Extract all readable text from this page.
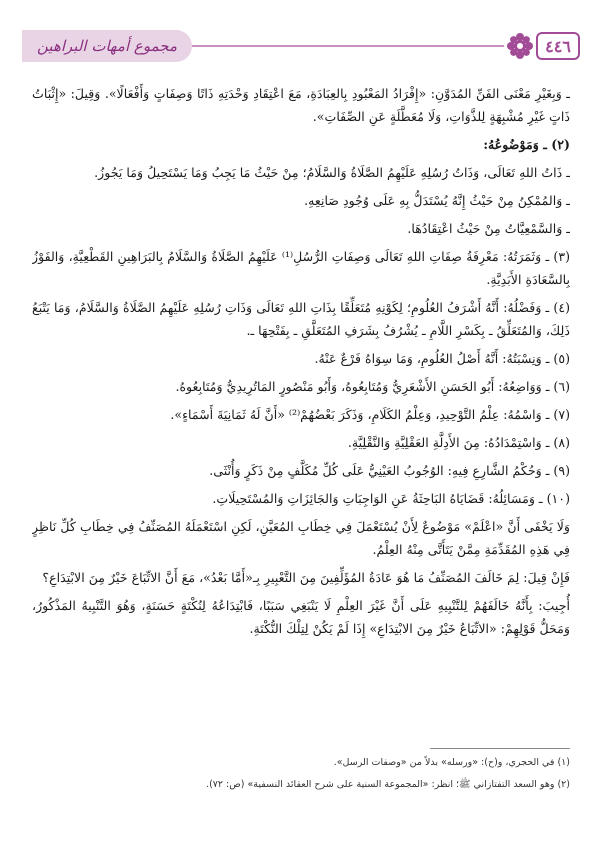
مجموع أمهات البراهين	٤٤٦

ـ وَبِغَيْرِ مَعْنَى الفَنِّ المُدَوَّنِ: «إِفْرَادُ المَعْبُودِ بِالعِبَادَةِ، مَعَ اعْتِقَادِ وَحْدَتِهِ ذَاتًا وَصِفَاتٍ وَأَفْعَالًا». وَقِيلَ: «إِثْبَاتُ ذَاتٍ غَيْرِ مُشْبِهَةٍ لِلذَّوَاتِ، وَلَا مُعَطَّلَةٍ عَنِ الصِّفَاتِ».

(٢) ـ وَمَوْضُوعُهُ:

ـ ذَاتُ اللهِ تَعَالَى، وَذَاتُ رُسُلِهِ عَلَيْهِمُ الصَّلَاةُ وَالسَّلَامُ؛ مِنْ حَيْثُ مَا يَجِبُ وَمَا يَسْتَحِيلُ وَمَا يَجُوزُ.

ـ وَالمُمْكِنُ مِنْ حَيْثُ إِنَّهُ يُسْتَدَلُّ بِهِ عَلَى وُجُودِ صَانِعِهِ.

ـ وَالسَّمْعِيَّاتُ مِنْ حَيْثُ اعْتِقَادُهَا.

(٣) ـ وَثَمَرَتُهُ: مَعْرِفَةُ صِفَاتِ اللهِ تَعَالَى وَصِفَاتِ الرُّسُلِ⁽¹⁾ عَلَيْهِمُ الصَّلَاةُ وَالسَّلَامُ بِالبَرَاهِينِ القَطْعِيَّةِ، وَالفَوْزُ بِالسَّعَادَةِ الأَبَدِيَّةِ.

(٤) ـ وَفَضْلُهُ: أَنَّهُ أَشْرَفُ العُلُومِ؛ لِكَوْنِهِ مُتَعَلِّقًا بِذَاتِ اللهِ تَعَالَى وَذَاتِ رُسُلِهِ عَلَيْهِمُ الصَّلَاةُ وَالسَّلَامُ، وَمَا يَتْبَعُ ذَلِكَ، وَالمُتَعَلِّقُ ـ بِكَسْرِ اللَّامِ ـ يُشْرُفُ بِشَرَفِ المُتَعَلَّقِ ـ بِفَتْحِهَا ـ.

(٥) ـ وَنِسْبَتُهُ: أَنَّهُ أَصْلُ العُلُومِ، وَمَا سِوَاهُ فَرْعٌ عَنْهُ.

(٦) ـ وَوَاضِعُهُ: أَبُو الحَسَنِ الأَشْعَرِيُّ وَمُتَابِعُوهُ، وَأَبُو مَنْصُورٍ المَاتُرِيدِيُّ وَمُتَابِعُوهُ.

(٧) ـ وَاسْمُهُ: عِلْمُ التَّوْحِيدِ، وَعِلْمُ الكَلَامِ، وَذَكَرَ بَعْضُهُمْ⁽²⁾ «أَنَّ لَهُ ثَمَانِيَةَ أَسْمَاءٍ».

(٨) ـ وَاسْتِمْدَادُهُ: مِنَ الأَدِلَّةِ العَقْلِيَّةِ وَالنَّقْلِيَّةِ.

(٩) ـ وَحُكْمُ الشَّارِعِ فِيهِ: الوُجُوبُ العَيْنِيُّ عَلَى كُلِّ مُكَلَّفٍ مِنْ ذَكَرٍ وَأُنْثَى.

(١٠) ـ وَمَسَائِلُهُ: قَضَايَاهُ البَاحِثَةُ عَنِ الوَاجِبَاتِ وَالجَائِزَاتِ وَالمُسْتَحِيلَاتِ.

وَلَا يَخْفَى أَنَّ «اعْلَمْ» مَوْضُوعٌ لِأَنْ يُسْتَعْمَلَ فِي خِطَابِ المُعَيَّنِ، لَكِنِ اسْتَعْمَلَهُ المُصَنِّفُ فِي خِطَابِ كُلِّ نَاظِرٍ فِي هَذِهِ المُقَدِّمَةِ مِمَّنْ يَتَأَتَّى مِنْهُ العِلْمُ.

فَإِنْ قِيلَ: لِمَ خَالَفَ المُصَنِّفُ مَا هُوَ عَادَةُ المُؤَلِّفِينَ مِنَ التَّعْبِيرِ بِـ«أَمَّا بَعْدُ»، مَعَ أَنَّ الاتِّبَاعَ خَيْرٌ مِنَ الابْتِدَاعِ؟

أُجِيبَ: بِأَنَّهُ خَالَفَهُمْ لِلتَّنْبِيهِ عَلَى أَنَّ غَيْرَ العِلْمِ لَا يَنْبَغِي سَبَبًا، فَابْتِدَاعُهُ لِنُكْتَةٍ حَسَنَةٍ، وَهُوَ التَّنْبِيهُ المَذْكُورُ، وَمَحَلُّ قَوْلِهِمْ: «الاتِّبَاعُ خَيْرٌ مِنَ الابْتِدَاعِ» إِذَا لَمْ يَكُنْ لِتِلْكَ النُّكْتَةِ.

(١) في الحجري، و(ح): «ورسله» بدلاً من «وصفات الرسل».
(٢) وهو السعد التفتازاني ﷺ؛ انظر: «المجموعة السنية على شرح العقائد النسفية» (ص: ٧٢).
